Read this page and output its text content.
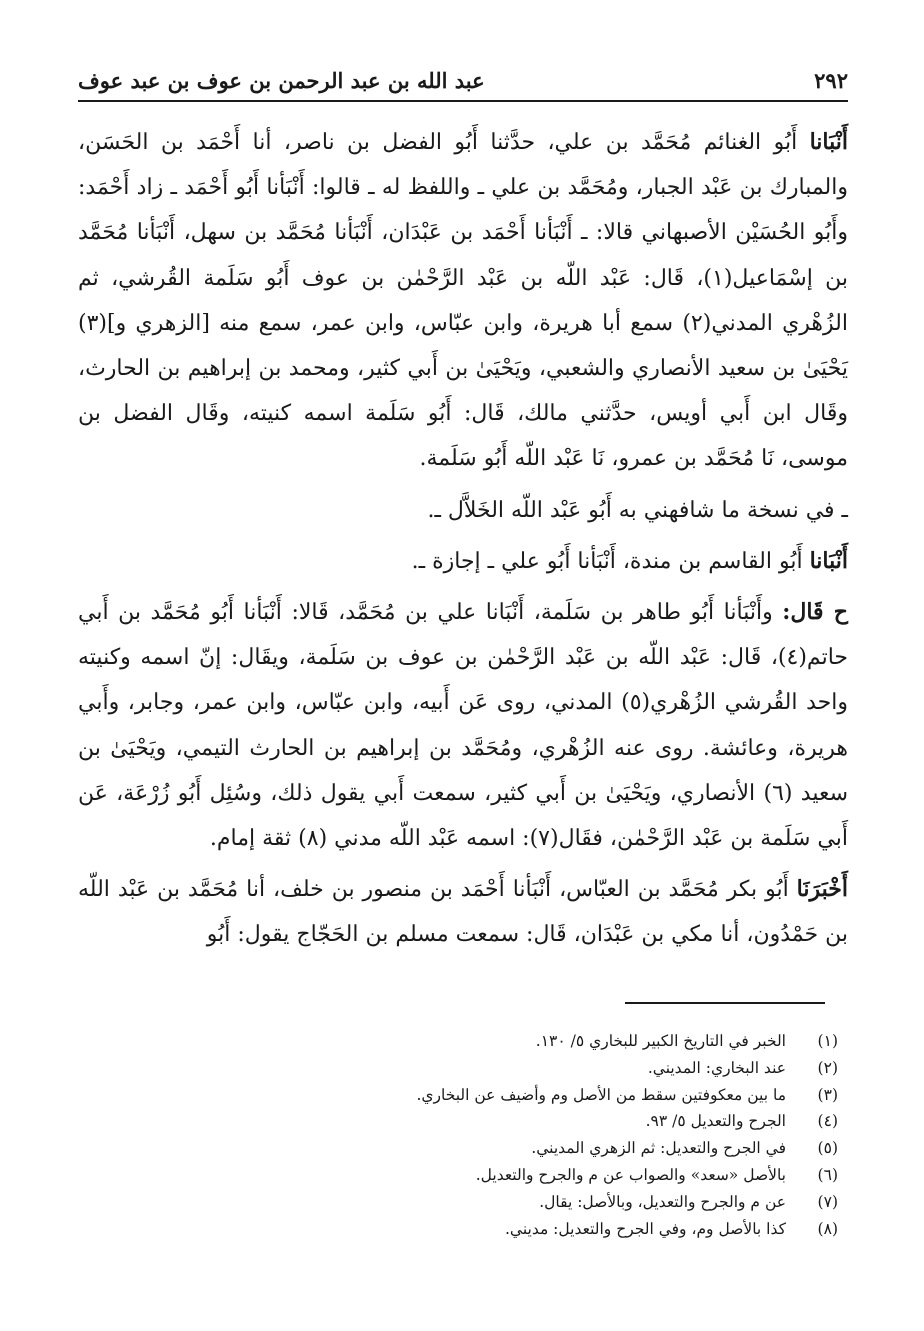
٢٩٢
عبد الله بن عبد الرحمن بن عوف بن عبد عوف

أَنْبَانا أَبُو الغنائم مُحَمَّد بن علي، حدَّثنا أَبُو الفضل بن ناصر، أنا أَحْمَد بن الحَسَن، والمبارك بن عَبْد الجبار، ومُحَمَّد بن علي ـ واللفظ له ـ قالوا: أَنْبَأنا أَبُو أَحْمَد ـ زاد أَحْمَد: وأَبُو الحُسَيْن الأصبهاني قالا: ـ أَنْبَأنا أَحْمَد بن عَبْدَان، أَنْبَأنا مُحَمَّد بن سهل، أَنْبَأنا مُحَمَّد بن إسْمَاعيل(١)، قَال: عَبْد اللّه بن عَبْد الرَّحْمٰن بن عوف أَبُو سَلَمة القُرشي، ثم الزُهْري المدني(٢) سمع أبا هريرة، وابن عبّاس، وابن عمر، سمع منه [الزهري و](٣) يَحْيَىٰ بن سعيد الأنصاري والشعبي، ويَحْيَىٰ بن أَبي كثير، ومحمد بن إبراهيم بن الحارث، وقَال ابن أَبي أويس، حدَّثني مالك، قَال: أَبُو سَلَمة اسمه كنيته، وقَال الفضل بن موسى، نَا مُحَمَّد بن عمرو، نَا عَبْد اللّه أَبُو سَلَمة.

ـ في نسخة ما شافهني به أَبُو عَبْد اللّه الخَلاَّل ـ.

أَنْبَانا أَبُو القاسم بن مندة، أَنْبَأنا أَبُو علي ـ إجازة ـ.

ح قَال: وأَنْبَأنا أَبُو طاهر بن سَلَمة، أَنْبَانا علي بن مُحَمَّد، قَالا: أَنْبَأنا أَبُو مُحَمَّد بن أَبي حاتم(٤)، قَال: عَبْد اللّه بن عَبْد الرَّحْمٰن بن عوف بن سَلَمة، ويقَال: إنّ اسمه وكنيته واحد القُرشي الزُهْري(٥) المدني، روى عَن أَبيه، وابن عبّاس، وابن عمر، وجابر، وأَبي هريرة، وعائشة. روى عنه الزُهْري، ومُحَمَّد بن إبراهيم بن الحارث التيمي، ويَحْيَىٰ بن سعيد (٦) الأنصاري، ويَحْيَىٰ بن أَبي كثير، سمعت أَبي يقول ذلك، وسُئِل أَبُو زُرْعَة، عَن أَبي سَلَمة بن عَبْد الرَّحْمٰن، فقَال(٧): اسمه عَبْد اللّه مدني (٨) ثقة إمام.

أَخْبَرَنَا أَبُو بكر مُحَمَّد بن العبّاس، أَنْبَأنا أَحْمَد بن منصور بن خلف، أنا مُحَمَّد بن عَبْد اللّه بن حَمْدُون، أنا مكي بن عَبْدَان، قَال: سمعت مسلم بن الحَجّاج يقول: أَبُو

(١)
الخبر في التاريخ الكبير للبخاري ٥/ ١٣٠.
(٢)
عند البخاري: المديني.
(٣)
ما بين معكوفتين سقط من الأصل وم وأضيف عن البخاري.
(٤)
الجرح والتعديل ٥/ ٩٣.
(٥)
في الجرح والتعديل: ثم الزهري المديني.
(٦)
بالأصل «سعد» والصواب عن م والجرح والتعديل.
(٧)
عن م والجرح والتعديل، وبالأصل: يقال.
(٨)
كذا بالأصل وم، وفي الجرح والتعديل: مديني.
